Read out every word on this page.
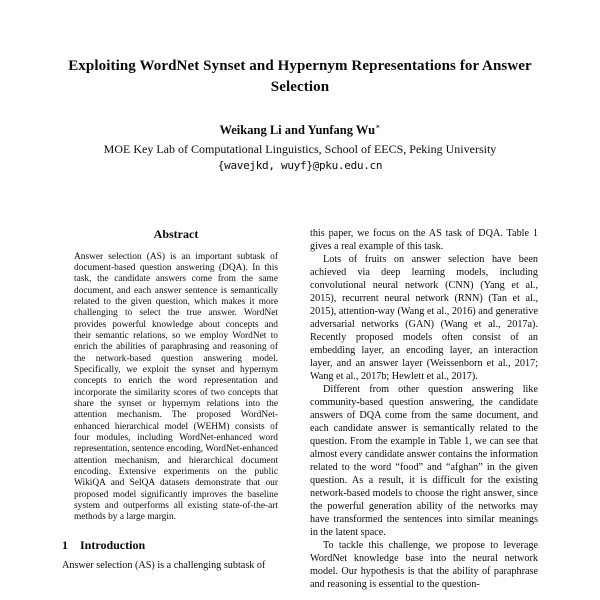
Exploiting WordNet Synset and Hypernym Representations for Answer Selection
Weikang Li and Yunfang Wu∗
MOE Key Lab of Computational Linguistics, School of EECS, Peking University
{wavejkd, wuyf}@pku.edu.cn
Abstract

Answer selection (AS) is an important subtask of document-based question answering (DQA). In this task, the candidate answers come from the same document, and each answer sentence is semantically related to the given question, which makes it more challenging to select the true answer. WordNet provides powerful knowledge about concepts and their semantic relations, so we employ WordNet to enrich the abilities of paraphrasing and reasoning of the network-based question answering model. Specifically, we exploit the synset and hypernym concepts to enrich the word representation and incorporate the similarity scores of two concepts that share the synset or hypernym relations into the attention mechanism. The proposed WordNet-enhanced hierarchical model (WEHM) consists of four modules, including WordNet-enhanced word representation, sentence encoding, WordNet-enhanced attention mechanism, and hierarchical document encoding. Extensive experiments on the public WikiQA and SelQA datasets demonstrate that our proposed model significantly improves the baseline system and outperforms all existing state-of-the-art methods by a large margin.

1 Introduction

Answer selection (AS) is a challenging subtask of

this paper, we focus on the AS task of DQA. Table 1 gives a real example of this task.

Lots of fruits on answer selection have been achieved via deep learning models, including convolutional neural network (CNN) (Yang et al., 2015), recurrent neural network (RNN) (Tan et al., 2015), attention-way (Wang et al., 2016) and generative adversarial networks (GAN) (Wang et al., 2017a). Recently proposed models often consist of an embedding layer, an encoding layer, an interaction layer, and an answer layer (Weissenborn et al., 2017; Wang et al., 2017b; Hewlett et al., 2017).

Different from other question answering like community-based question answering, the candidate answers of DQA come from the same document, and each candidate answer is semantically related to the question. From the example in Table 1, we can see that almost every candidate answer contains the information related to the word “food” and “afghan” in the given question. As a result, it is difficult for the existing network-based models to choose the right answer, since the powerful generation ability of the networks may have transformed the sentences into similar meanings in the latent space.

To tackle this challenge, we propose to leverage WordNet knowledge base into the neural network model. Our hypothesis is that the ability of paraphrase and reasoning is essential to the question-
